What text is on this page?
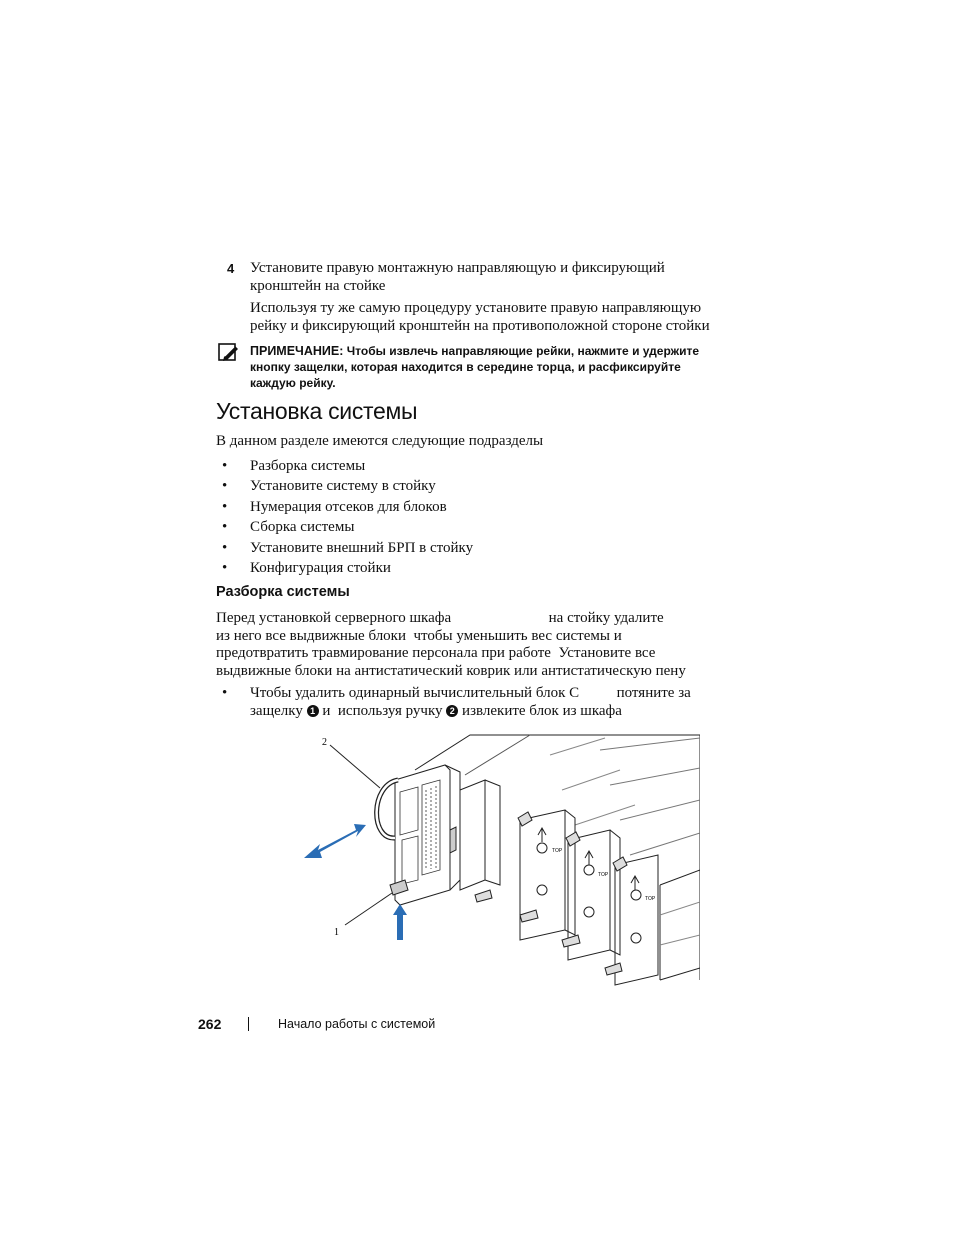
4 Установите правую монтажную направляющую и фиксирующий
кронштейн на стойке
Используя ту же самую процедуру установите правую направляющую
рейку и фиксирующий кронштейн на противоположной стороне стойки
ПРИМЕЧАНИЕ: Чтобы извлечь направляющие рейки, нажмите и удержите
кнопку защелки, которая находится в середине торца, и расфиксируйте
каждую рейку.
Установка системы
В данном разделе имеются следующие подразделы
• Разборка системы
• Установите систему в стойку
• Нумерация отсеков для блоков
• Сборка системы
• Установите внешний БРП в стойку
• Конфигурация стойки
Разборка системы
Перед установкой серверного шкафа                          на стойку удалите
из него все выдвижные блоки  чтобы уменьшить вес системы и
предотвратить травмирование персонала при работе  Установите все
выдвижные блоки на антистатический коврик или антистатическую пену
• Чтобы удалить одинарный вычислительный блок С          потяните за
защелку 1 и  используя ручку 2 извлеките блок из шкафа
TOP
TOP
TOP
2
1
262	Начало работы с системой
